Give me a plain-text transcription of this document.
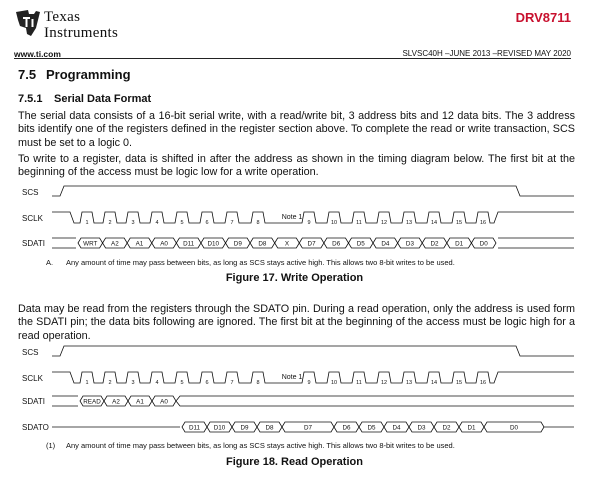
Texas
Instruments
DRV8711
www.ti.com	SLVSC40H –JUNE 2013 –REVISED MAY 2020
7.5 Programming
7.5.1 Serial Data Format

The serial data consists of a 16-bit serial write, with a read/write bit, 3 address bits and 12 data bits. The 3 address bits identify one of the registers defined in the register section above. To complete the read or write transaction, SCS must be set to a logic 0.

To write to a register, data is shifted in after the address as shown in the timing diagram below. The first bit at the beginning of the access must be logic low for a write operation.

SCS
SCLK
SDATI
1	2	3	4	5	6	7	8	9	10	11	12	13	14	15	16
Note 1
WRT A2	A1	A0 D11 D10 D9	D8	X	D7	D6	D5	D4	D3	D2	D1	D0
A. Any amount of time may pass between bits, as long as SCS stays active high. This allows two 8-bit writes to be used.
Figure 17. Write Operation

Data may be read from the registers through the SDATO pin. During a read operation, only the address is used form the SDATI pin; the data bits following are ignored. The first bit at the beginning of the access must be logic high for a read operation.

SCS
SCLK
SDATI
SDATO
1	2	3	4	5	6	7	8	9	10	11	12	13	14	15	16
Note 1
READ A2	A1	A0
D11 D10 D9	D8	D7	D6	D5	D4	D3	D2	D1	D0
(1) Any amount of time may pass between bits, as long as SCS stays active high. This allows two 8-bit writes to be used.
Figure 18. Read Operation
